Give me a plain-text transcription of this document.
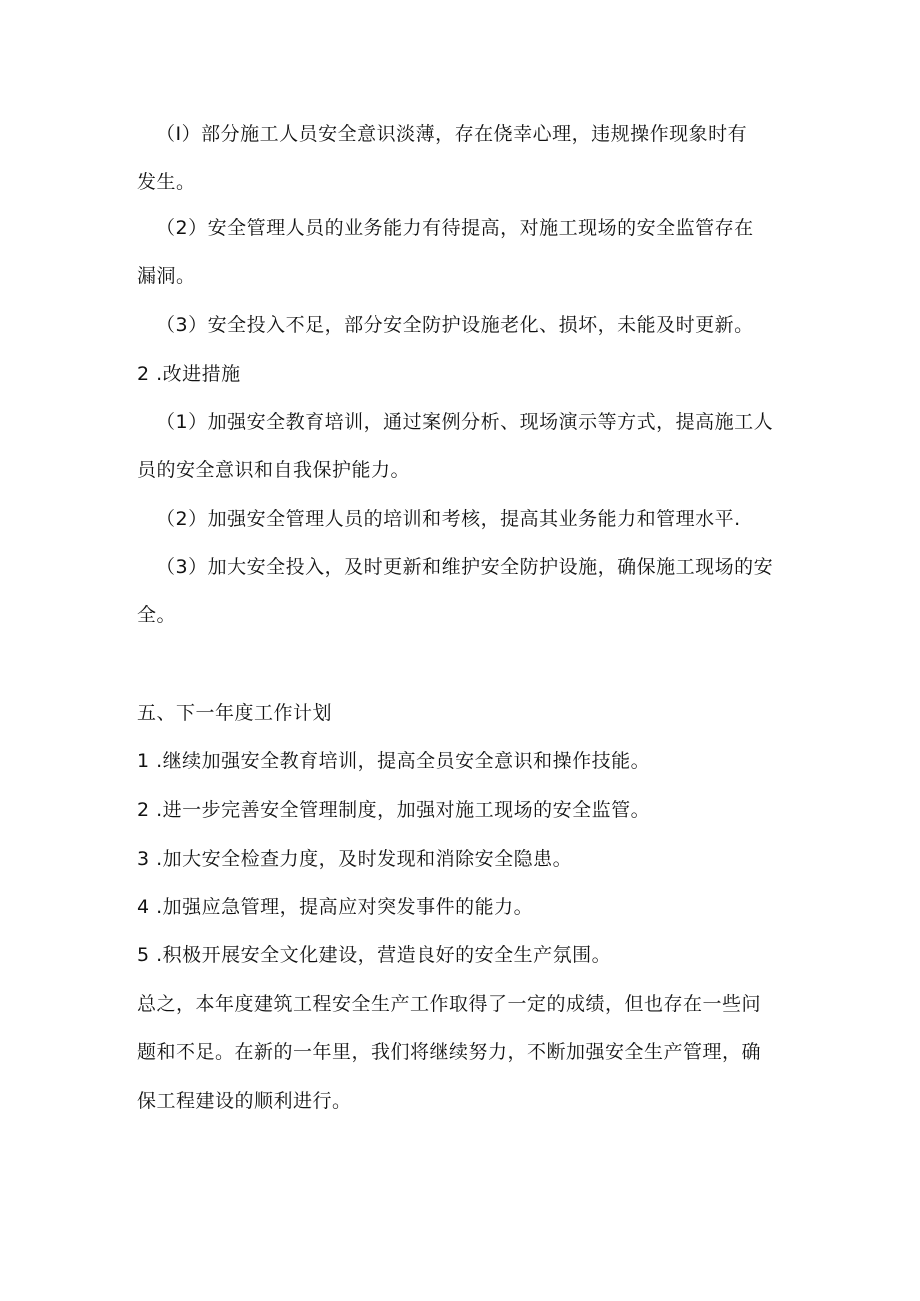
（I）部分施工人员安全意识淡薄，存在侥幸心理，违规操作现象时有
发生。
（2）安全管理人员的业务能力有待提高，对施工现场的安全监管存在
漏洞。
（3）安全投入不足，部分安全防护设施老化、损坏，未能及时更新。
2 .改进措施
（1）加强安全教育培训，通过案例分析、现场演示等方式，提高施工人
员的安全意识和自我保护能力。
（2）加强安全管理人员的培训和考核，提高其业务能力和管理水平.
（3）加大安全投入，及时更新和维护安全防护设施，确保施工现场的安
全。
五、下一年度工作计划
1 .继续加强安全教育培训，提高全员安全意识和操作技能。
2 .进一步完善安全管理制度，加强对施工现场的安全监管。
3 .加大安全检查力度，及时发现和消除安全隐患。
4 .加强应急管理，提高应对突发事件的能力。
5 .积极开展安全文化建设，营造良好的安全生产氛围。
总之，本年度建筑工程安全生产工作取得了一定的成绩，但也存在一些问
题和不足。在新的一年里，我们将继续努力，不断加强安全生产管理，确
保工程建设的顺利进行。
